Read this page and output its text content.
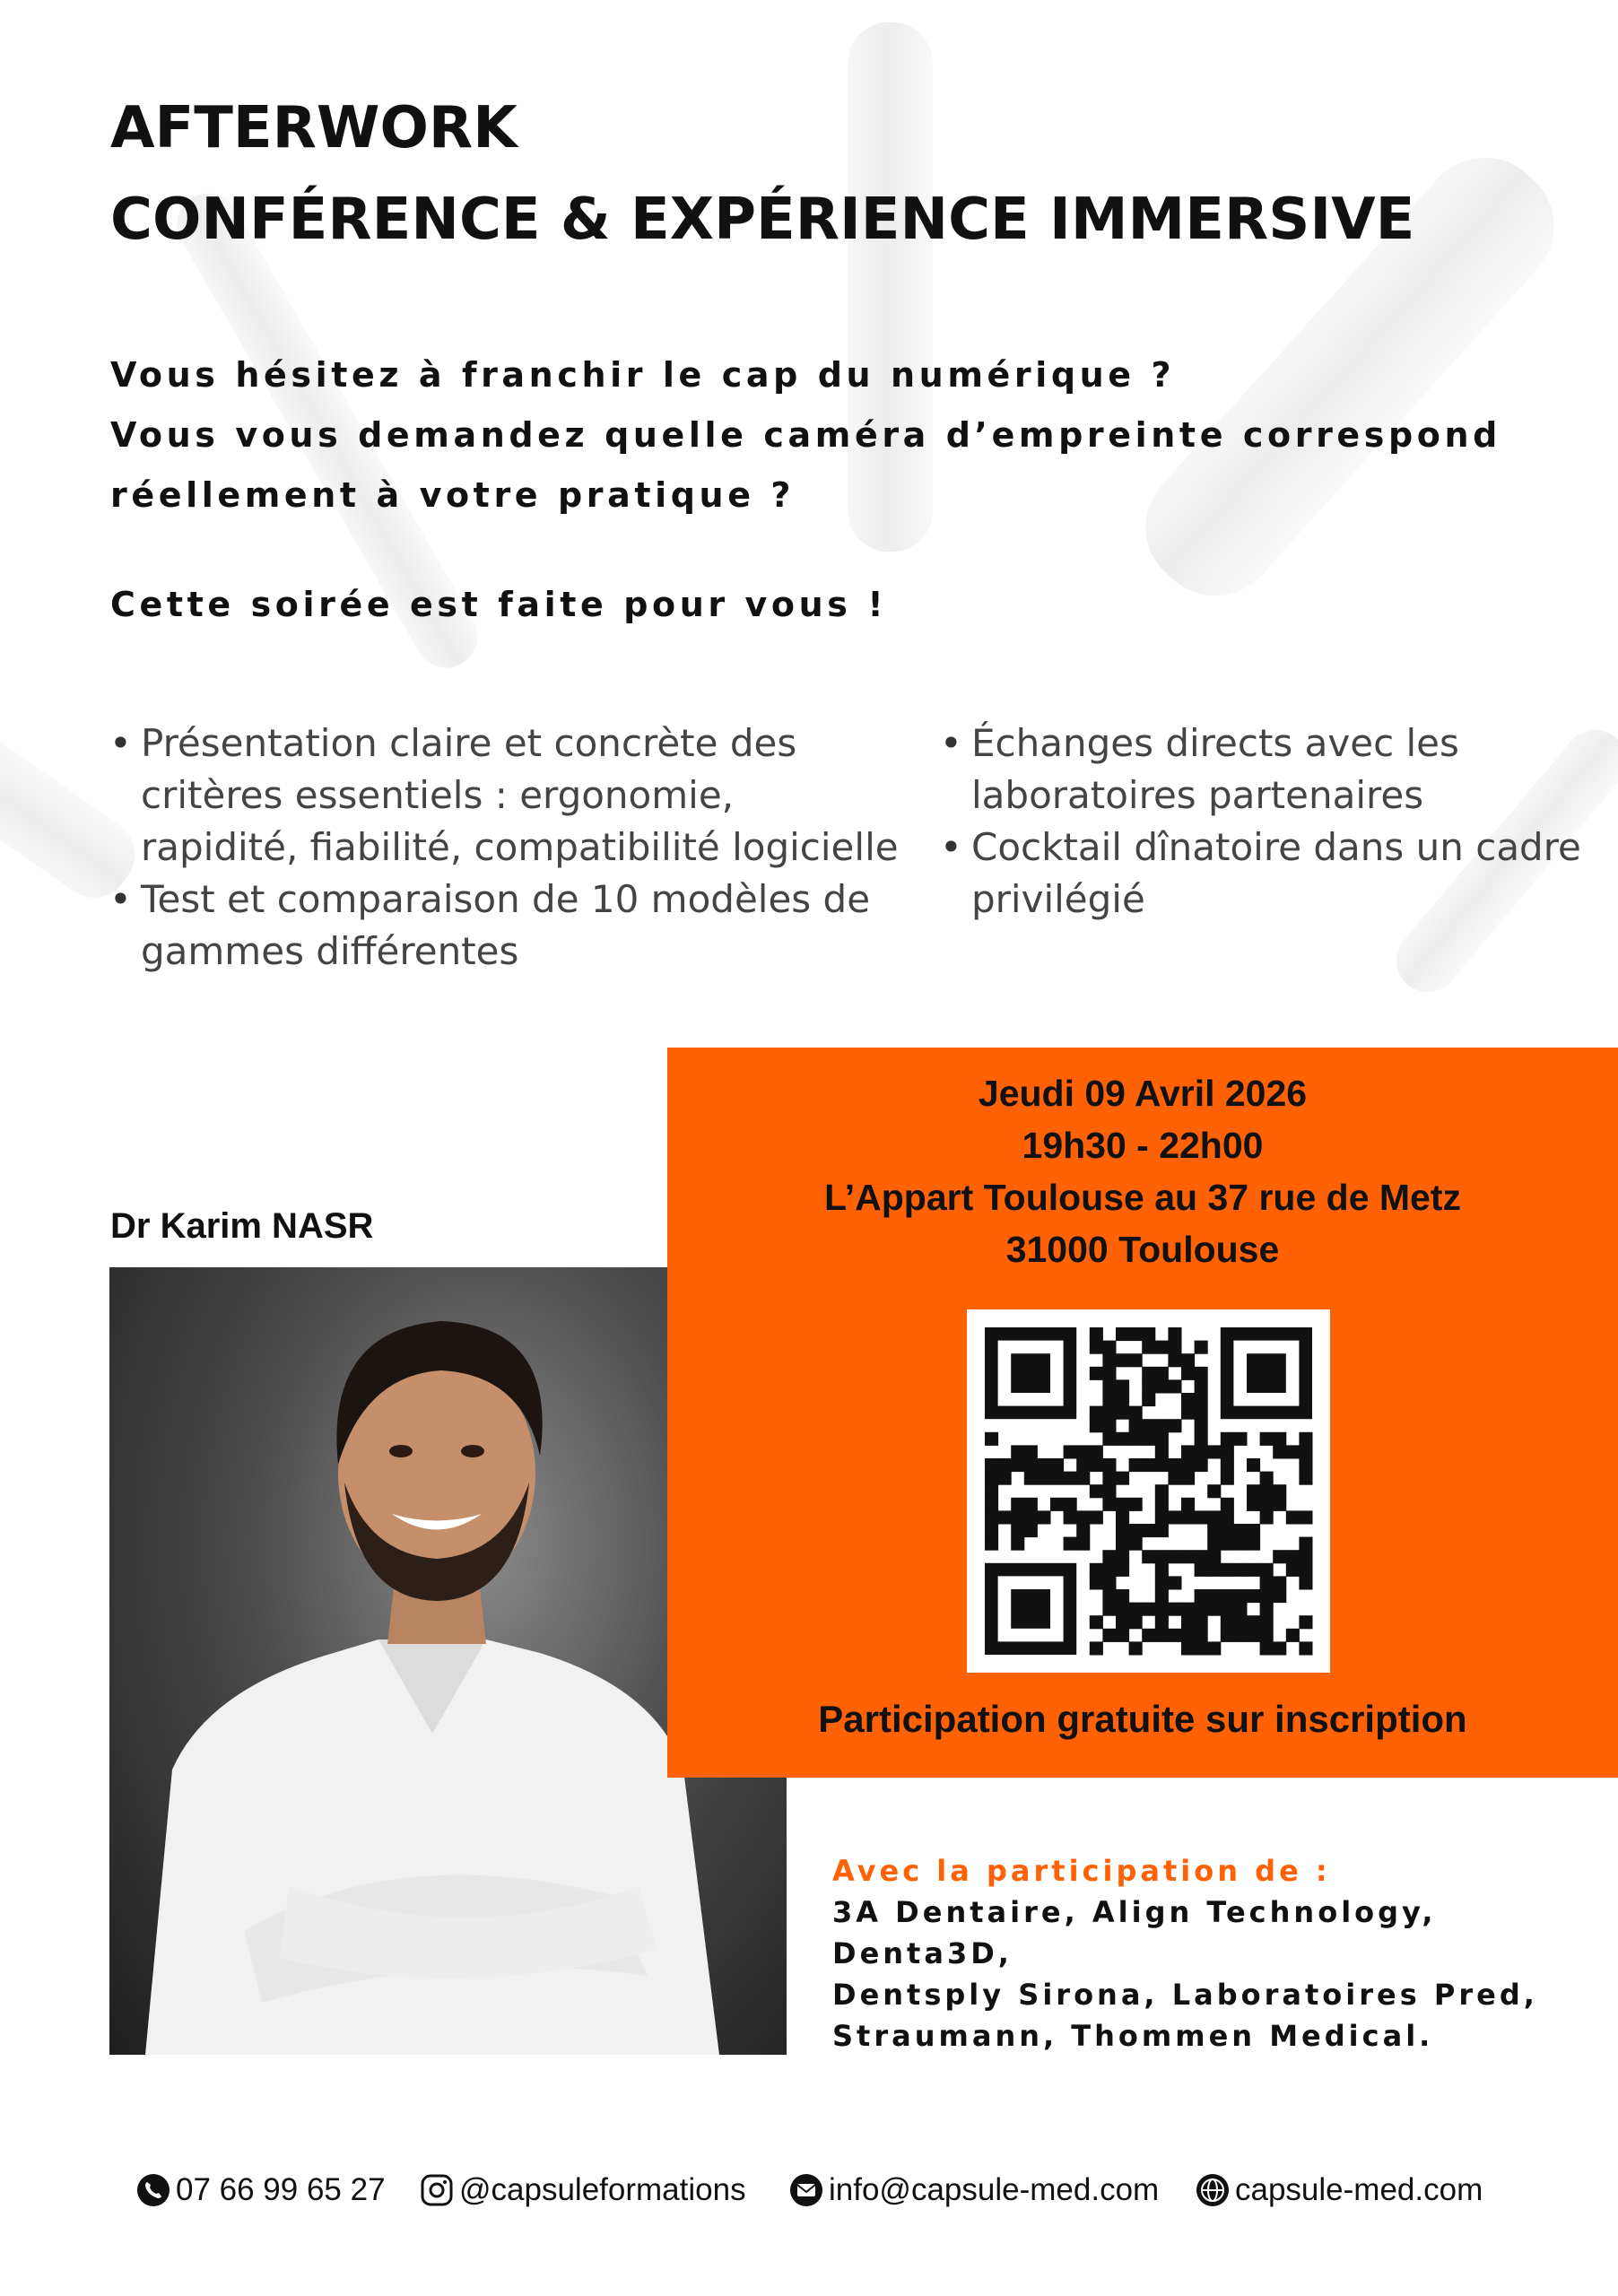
AFTERWORK
CONFÉRENCE & EXPÉRIENCE IMMERSIVE

Vous hésitez à franchir le cap du numérique ?

Vous vous demandez quelle caméra d’empreinte correspond réellement à votre pratique ?

Cette soirée est faite pour vous !

• Présentation claire et concrète des critères essentiels : ergonomie, rapidité, fiabilité, compatibilité logicielle
• Test et comparaison de 10 modèles de gammes différentes
• Échanges directs avec les laboratoires partenaires
• Cocktail dînatoire dans un cadre privilégié
Dr Karim NASR
Jeudi 09 Avril 2026
19h30 - 22h00
L’Appart Toulouse au 37 rue de Metz
31000 Toulouse
Participation gratuite sur inscription
Avec la participation de :
3A Dentaire, Align Technology, Denta3D,
Dentsply Sirona, Laboratoires Pred,
Straumann, Thommen Medical.
07 66 99 65 27 @capsuleformations	info@capsule-med.com capsule-med.com
